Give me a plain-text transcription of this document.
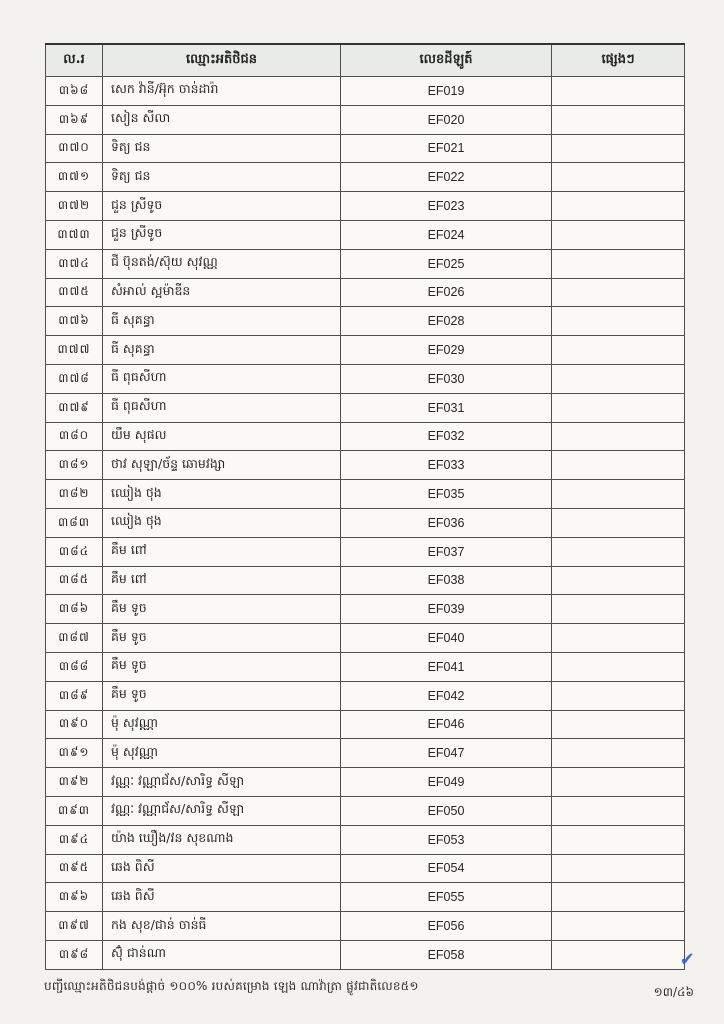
ល.រ	ឈ្មោះអតិថិជន	លេខដីឡូត៍	ផ្សេងៗ
៣៦៨	សេក វ៉ានី/អ៊ុក ចាន់ដារ៉ា	EF019	
៣៦៩	សៀន សីលា	EF020	
៣៧០	ទិត្យ ជន	EF021	
៣៧១	ទិត្យ ជន	EF022	
៣៧២	ជួន ស្រីទូច	EF023	
៣៧៣	ជួន ស្រីទូច	EF024	
៣៧៤	ជី ប៊ុនតង់/ស៊ុយ សុវណ្ណ	EF025	
៣៧៥	សំអាល់ ស្អម៉ាឌីន	EF026	
៣៧៦	ធី សុគន្ធា	EF028	
៣៧៧	ធី សុគន្ធា	EF029	
៣៧៨	ធី ពុធសីហា	EF030	
៣៧៩	ធី ពុធសីហា	EF031	
៣៨០	យឹម សុផល	EF032	
៣៨១	ថាវ សុឡា/ច័ន្ទ ឆោមវង្សា	EF033	
៣៨២	ឈៀង ថុង	EF035	
៣៨៣	ឈៀង ថុង	EF036	
៣៨៤	គឹម ពៅ	EF037	
៣៨៥	គឹម ពៅ	EF038	
៣៨៦	គឹម ទូច	EF039	
៣៨៧	គឹម ទូច	EF040	
៣៨៨	គឹម ទូច	EF041	
៣៨៩	គឹម ទូច	EF042	
៣៩០	ម៉ុ សុវណ្ណា	EF046	
៣៩១	ម៉ុ សុវណ្ណា	EF047	
៣៩២	វណ្ណៈ វណ្ណាជ័ស/សារិទ្ធ សីឡា	EF049	
៣៩៣	វណ្ណៈ វណ្ណាជ័ស/សារិទ្ធ សីឡា	EF050	
៣៩៤	យ៉ាង ឃឿង/វន សុខណាង	EF053	
៣៩៥	ឆេង ពិសី	EF054	
៣៩៦	ឆេង ពិសី	EF055	
៣៩៧	កង សុខ/ជាន់ ចាន់ធី	EF056	
៣៩៨	ស៊ុំ ជាន់ណា	EF058		✔
បញ្ជីឈ្មោះអតិថិជនបង់ផ្តាច់ ១០០% របស់គម្រោង ឡេង ណាវ៉ាត្រា ផ្លូវជាតិលេខ៥១	១៣/៤៦
